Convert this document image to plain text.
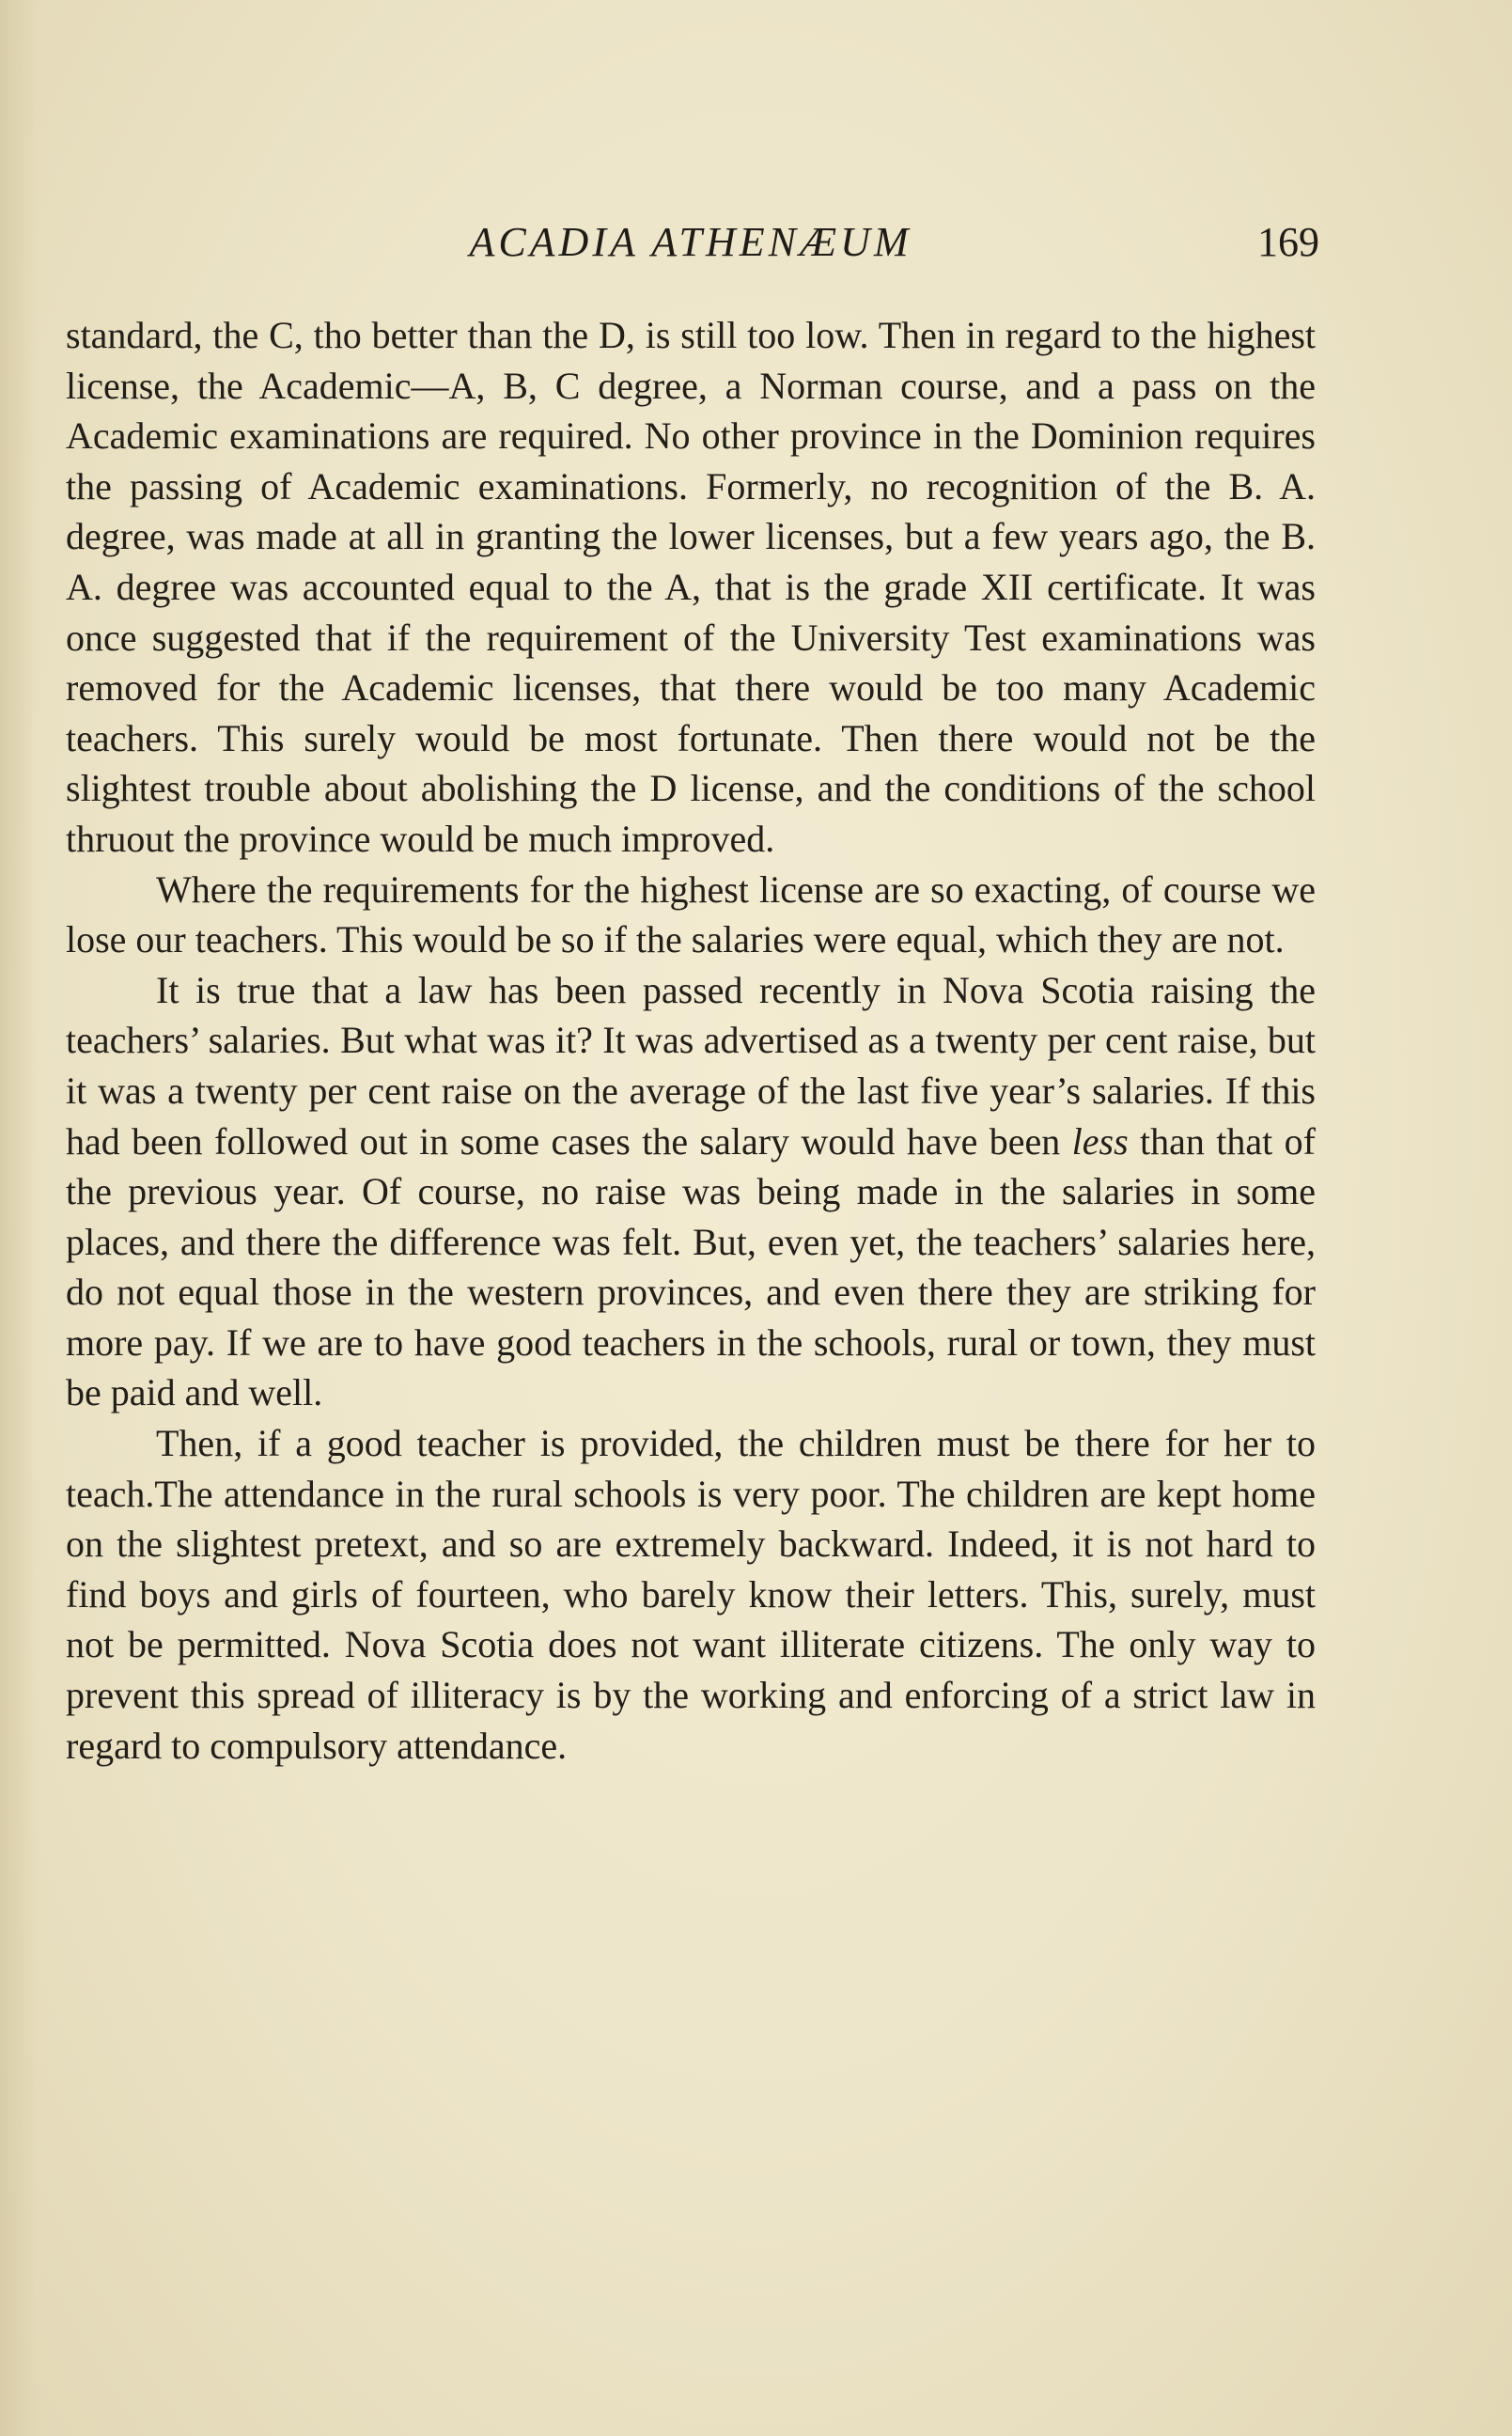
ACADIA ATHENÆUM	169

standard, the C, tho better than the D, is still too low. Then in regard to the highest license, the Academic—A, B, C degree, a Norman course, and a pass on the Academic examinations are required. No other province in the Dominion requires the passing of Academic examinations. Formerly, no recognition of the B. A. degree, was made at all in granting the lower licenses, but a few years ago, the B. A. degree was accounted equal to the A, that is the grade XII certificate. It was once suggested that if the requirement of the University Test examinations was removed for the Academic licenses, that there would be too many Academic teachers. This surely would be most fortunate. Then there would not be the slightest trouble about abolishing the D license, and the conditions of the school thruout the province would be much improved.

Where the requirements for the highest license are so exacting, of course we lose our teachers. This would be so if the salaries were equal, which they are not.

It is true that a law has been passed recently in Nova Scotia raising the teachers’ salaries. But what was it? It was advertised as a twenty per cent raise, but it was a twenty per cent raise on the average of the last five year’s salaries. If this had been followed out in some cases the salary would have been less than that of the previous year. Of course, no raise was being made in the salaries in some places, and there the difference was felt. But, even yet, the teachers’ salaries here, do not equal those in the western provinces, and even there they are striking for more pay. If we are to have good teachers in the schools, rural or town, they must be paid and well.

Then, if a good teacher is provided, the children must be there for her to teach.The attendance in the rural schools is very poor. The children are kept home on the slightest pretext, and so are extremely backward. Indeed, it is not hard to find boys and girls of fourteen, who barely know their letters. This, surely, must not be permitted. Nova Scotia does not want illiterate citizens. The only way to prevent this spread of illiteracy is by the working and enforcing of a strict law in regard to compulsory attendance.
